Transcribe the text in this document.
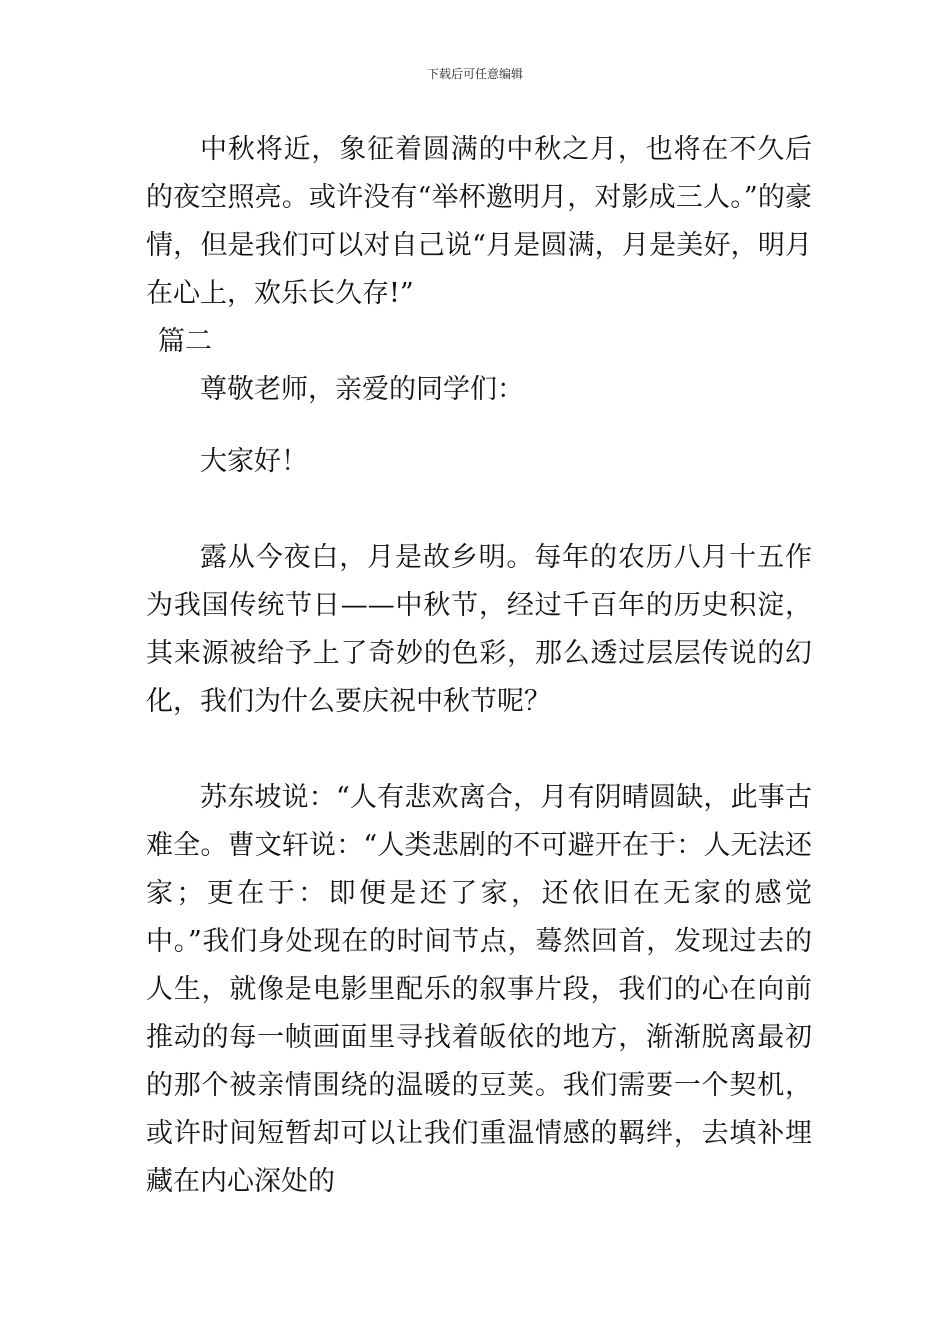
下载后可任意编辑

中秋将近，象征着圆满的中秋之月，也将在不久后的夜空照亮。或许没有“举杯邀明月，对影成三人。”的豪情，但是我们可以对自己说“月是圆满，月是美好，明月在心上，欢乐长久存!”

篇二

尊敬老师，亲爱的同学们：

大家好！

露从今夜白，月是故乡明。每年的农历八月十五作为我国传统节日——中秋节，经过千百年的历史积淀，其来源被给予上了奇妙的色彩，那么透过层层传说的幻化，我们为什么要庆祝中秋节呢？

苏东坡说：“人有悲欢离合，月有阴晴圆缺，此事古难全。曹文轩说：“人类悲剧的不可避开在于：人无法还家；更在于：即便是还了家，还依旧在无家的感觉中。”我们身处现在的时间节点，蓦然回首，发现过去的人生，就像是电影里配乐的叙事片段，我们的心在向前推动的每一帧画面里寻找着皈依的地方，渐渐脱离最初的那个被亲情围绕的温暖的豆荚。我们需要一个契机，或许时间短暂却可以让我们重温情感的羁绊，去填补埋藏在内心深处的
